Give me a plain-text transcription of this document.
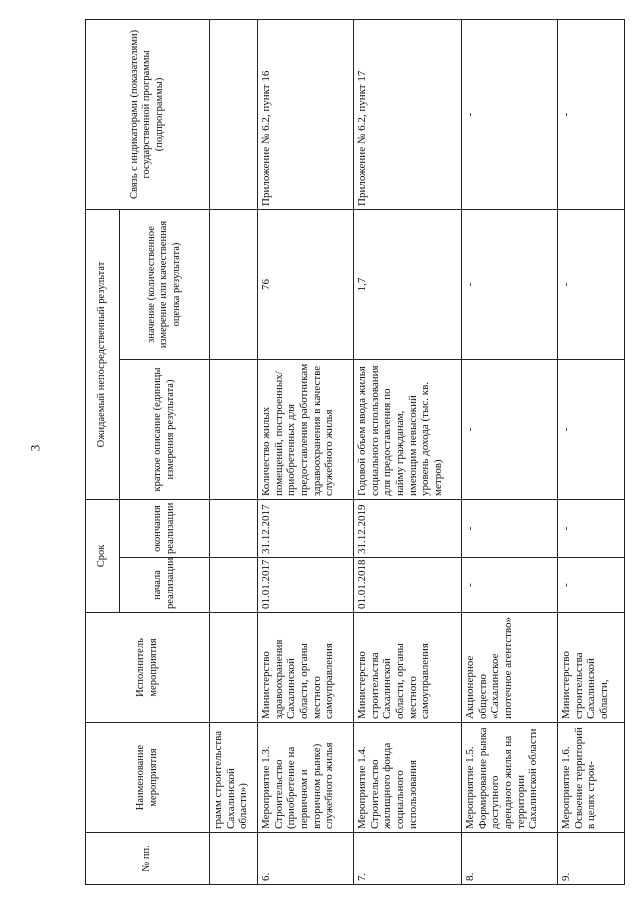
3
№ пп.	Наименование мероприятия	Исполнитель мероприятия	Срок		Ожидаемый непосредственный результат		Связь с индикаторами (показателями) государственной программы (подпрограммы)
			начала реализации	окончания реализации	краткое описание (единицы измерения результата)	значение (количественное измерение или качественная оценка результата)	
	грамм строительства Сахалинской области»)						
6.	Мероприятие 1.3. Строительство (приобретение на первичном и вторичном рынке) служебного жилья	Министерство здравоохранения Сахалинской области, органы местного самоуправления	01.01.2017	31.12.2017	Количество жилых помещений, построенных/приобретенных для предоставления работникам здравоохранения в качестве служебного жилья	76	Приложение № 6.2, пункт 16
7.	Мероприятие 1.4. Строительство жилищного фонда социального использования	Министерство строительства Сахалинской области, органы местного самоуправления	01.01.2018	31.12.2019	Годовой объем ввода жилья социального использования для предоставления по найму гражданам, имеющим невысокий уровень дохода (тыс. кв. метров)	1,7	Приложение № 6.2, пункт 17
8.	Мероприятие 1.5. Формирование рынка доступного арендного жилья на территории Сахалинской области	Акционерное общество «Сахалинское ипотечное агентство»	-	-	-	-	-
9.	Мероприятие 1.6. Освоение территорий в целях строи-	Министерство строительства Сахалинской области,	-	-	-	-	-
